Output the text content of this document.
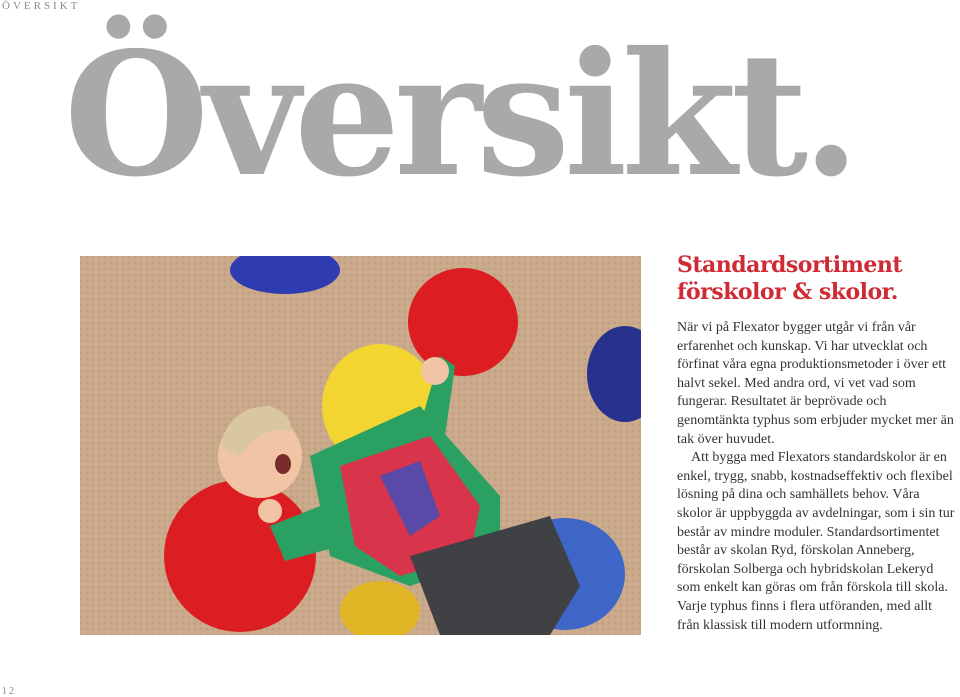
ÖVERSIKT
Översikt.
Standardsortiment
förskolor & skolor.

När vi på Flexator bygger utgår vi från vår erfarenhet och kunskap. Vi har utvecklat och förfinat våra egna produktionsmetoder i över ett halvt sekel. Med andra ord, vi vet vad som fungerar. Resultatet är beprövade och genomtänkta typhus som erbjuder mycket mer än tak över huvudet.

Att bygga med Flexators standardskolor är en enkel, trygg, snabb, kostnadseffektiv och flexibel lösning på dina och samhällets behov. Våra skolor är uppbyggda av avdelningar, som i sin tur består av mindre moduler. Standardsortimentet består av skolan Ryd, förskolan Anneberg, förskolan Solberga och hybridskolan Lekeryd som enkelt kan göras om från förskola till skola. Varje typhus finns i flera utföranden, med allt från klassisk till modern utformning.

12
